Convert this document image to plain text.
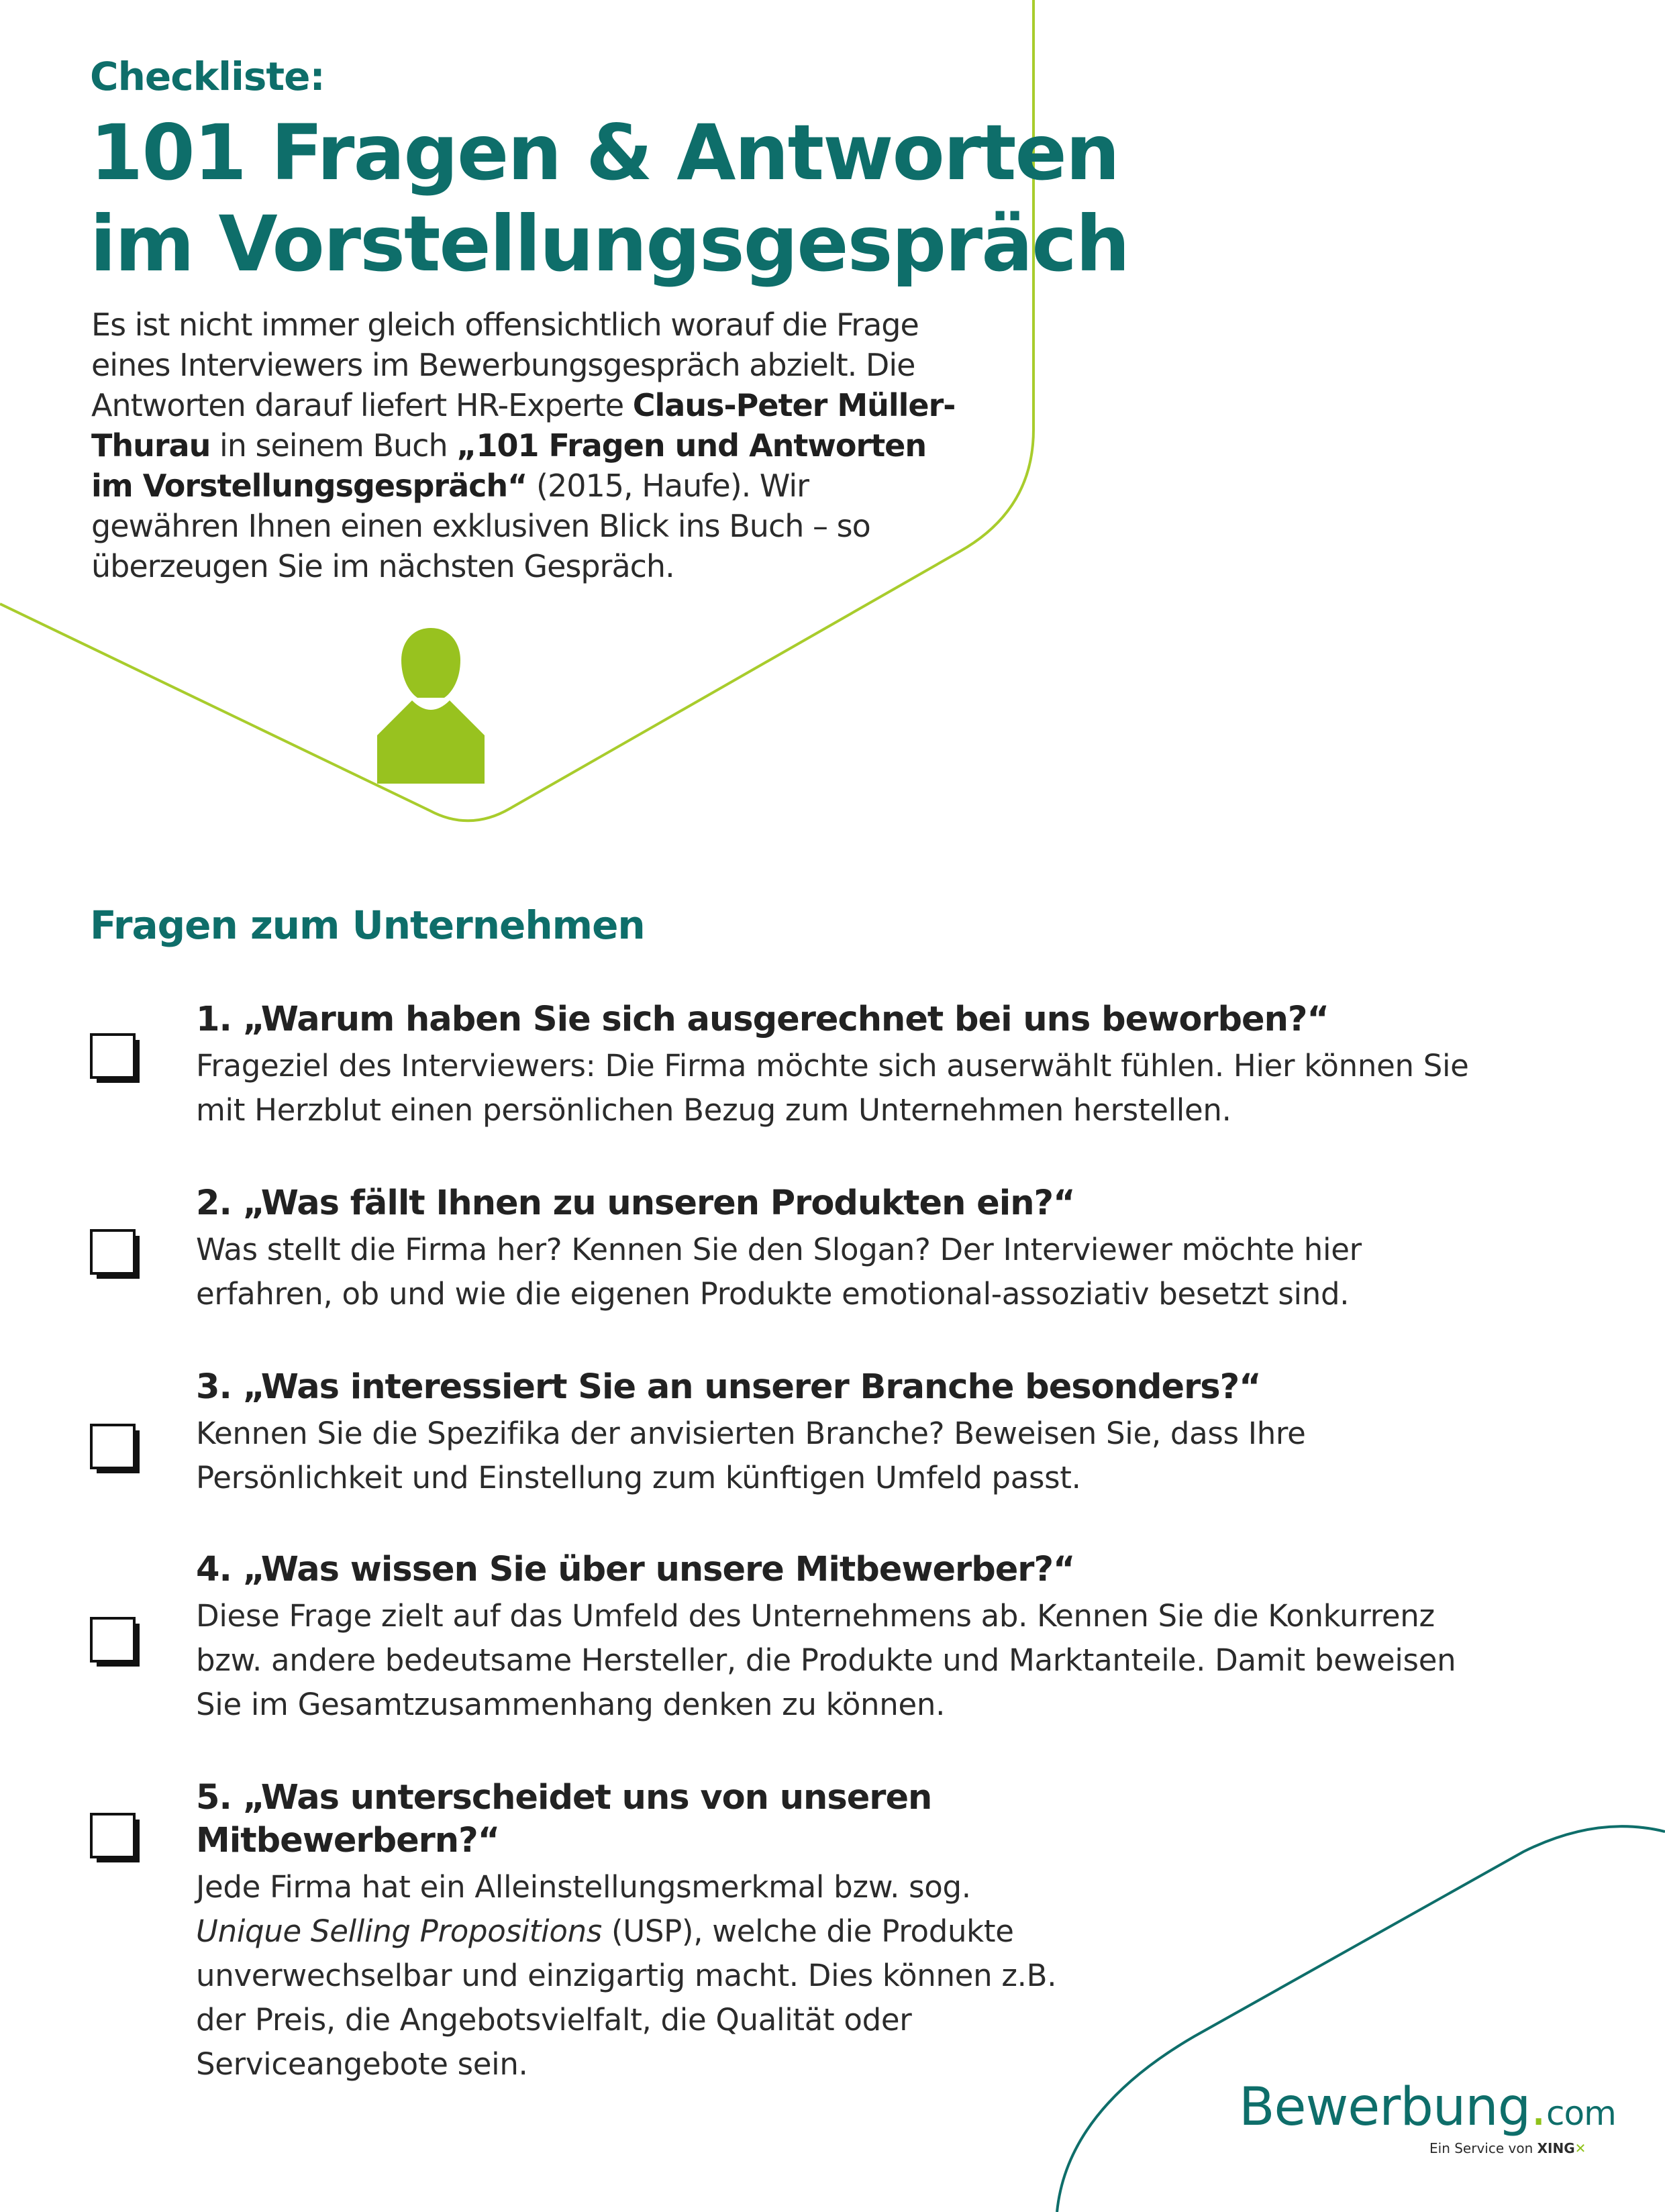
Checkliste:
101 Fragen & Antworten
im Vorstellungsgespräch
Es ist nicht immer gleich offensichtlich worauf die Frage eines Interviewers im Bewerbungsgespräch abzielt. Die Antworten darauf liefert HR-Experte Claus-Peter Müller-Thurau in seinem Buch „101 Fragen und Antworten im Vorstellungsgespräch“ (2015, Haufe). Wir gewähren Ihnen einen exklusiven Blick ins Buch – so überzeugen Sie im nächsten Gespräch.
Fragen zum Unternehmen
1. „Warum haben Sie sich ausgerechnet bei uns beworben?“

Frageziel des Interviewers: Die Firma möchte sich auserwählt fühlen. Hier können Sie mit Herzblut einen persönlichen Bezug zum Unternehmen herstellen.

2. „Was fällt Ihnen zu unseren Produkten ein?“

Was stellt die Firma her? Kennen Sie den Slogan? Der Interviewer möchte hier erfahren, ob und wie die eigenen Produkte emotional-assoziativ besetzt sind.

3. „Was interessiert Sie an unserer Branche besonders?“

Kennen Sie die Spezifika der anvisierten Branche? Beweisen Sie, dass Ihre Persönlichkeit und Einstellung zum künftigen Umfeld passt.

4. „Was wissen Sie über unsere Mitbewerber?“

Diese Frage zielt auf das Umfeld des Unternehmens ab. Kennen Sie die Konkurrenz bzw. andere bedeutsame Hersteller, die Produkte und Marktanteile. Damit beweisen Sie im Gesamtzusammenhang denken zu können.

5. „Was unterscheidet uns von unseren
Mitbewerbern?“

Jede Firma hat ein Alleinstellungsmerkmal bzw. sog.
Unique Selling Propositions (USP), welche die Produkte unverwechselbar und einzigartig macht. Dies können z.B. der Preis, die Angebotsvielfalt, die Qualität oder Serviceangebote sein.

Bewerbung.com
Ein Service von XING✕
